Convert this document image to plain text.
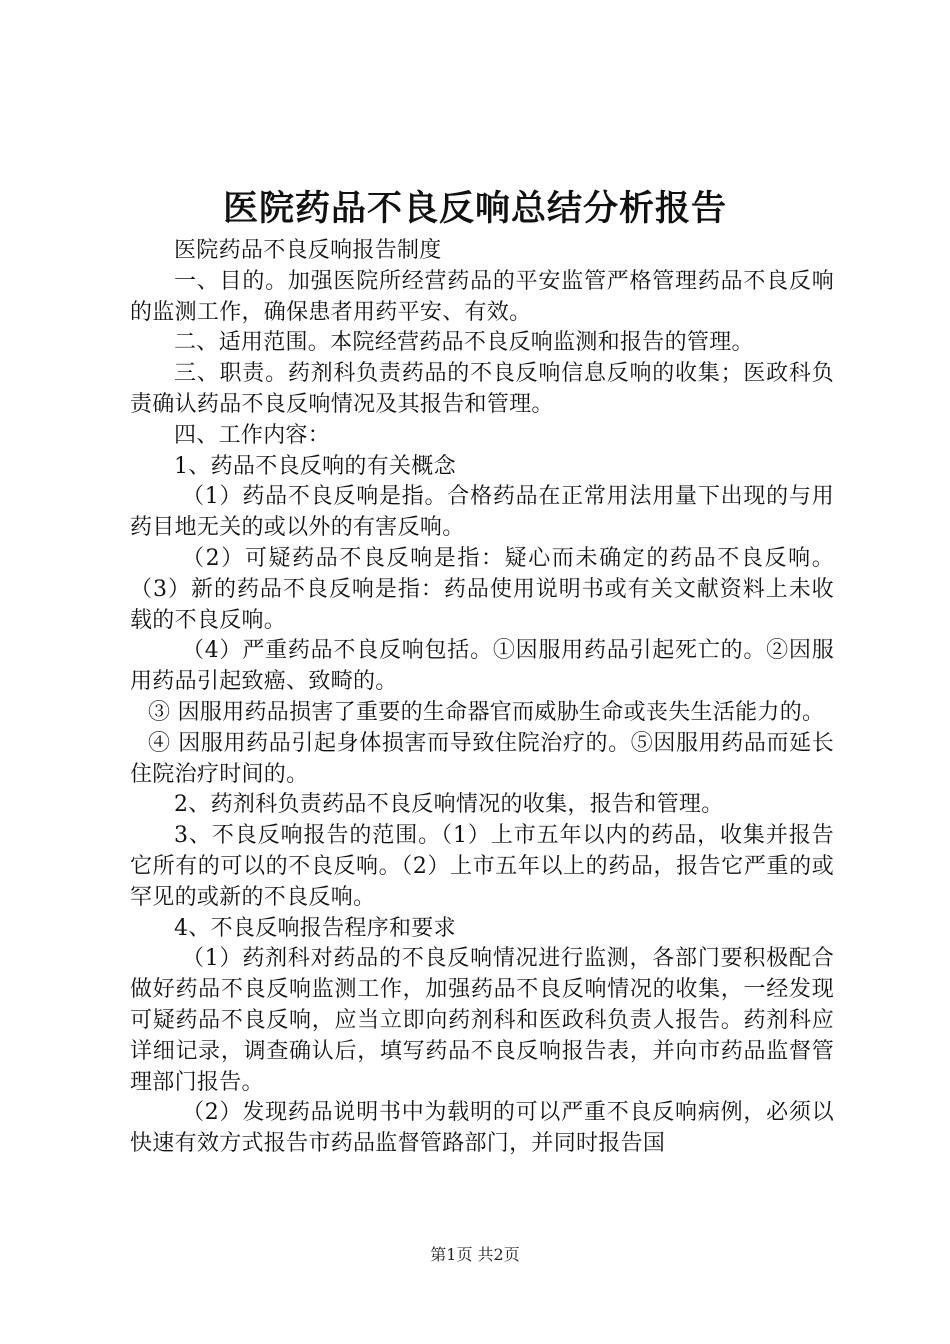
医院药品不良反响总结分析报告

医院药品不良反响报告制度

一、目的。加强医院所经营药品的平安监管严格管理药品不良反响的监测工作，确保患者用药平安、有效。

二、适用范围。本院经营药品不良反响监测和报告的管理。

三、职责。药剂科负责药品的不良反响信息反响的收集；医政科负责确认药品不良反响情况及其报告和管理。

四、工作内容：

1、药品不良反响的有关概念

（1）药品不良反响是指。合格药品在正常用法用量下出现的与用药目地无关的或以外的有害反响。

（2）可疑药品不良反响是指：疑心而未确定的药品不良反响。（3）新的药品不良反响是指：药品使用说明书或有关文献资料上未收载的不良反响。

（4）严重药品不良反响包括。①因服用药品引起死亡的。②因服用药品引起致癌、致畸的。

③ 因服用药品损害了重要的生命器官而威胁生命或丧失生活能力的。

④ 因服用药品引起身体损害而导致住院治疗的。⑤因服用药品而延长住院治疗时间的。

2、药剂科负责药品不良反响情况的收集，报告和管理。

3、不良反响报告的范围。（1）上市五年以内的药品，收集并报告它所有的可以的不良反响。（2）上市五年以上的药品，报告它严重的或罕见的或新的不良反响。

4、不良反响报告程序和要求

（1）药剂科对药品的不良反响情况进行监测，各部门要积极配合做好药品不良反响监测工作，加强药品不良反响情况的收集，一经发现可疑药品不良反响，应当立即向药剂科和医政科负责人报告。药剂科应详细记录，调查确认后，填写药品不良反响报告表，并向市药品监督管理部门报告。

（2）发现药品说明书中为载明的可以严重不良反响病例，必须以快速有效方式报告市药品监督管路部门，并同时报告国

第1页 共2页
